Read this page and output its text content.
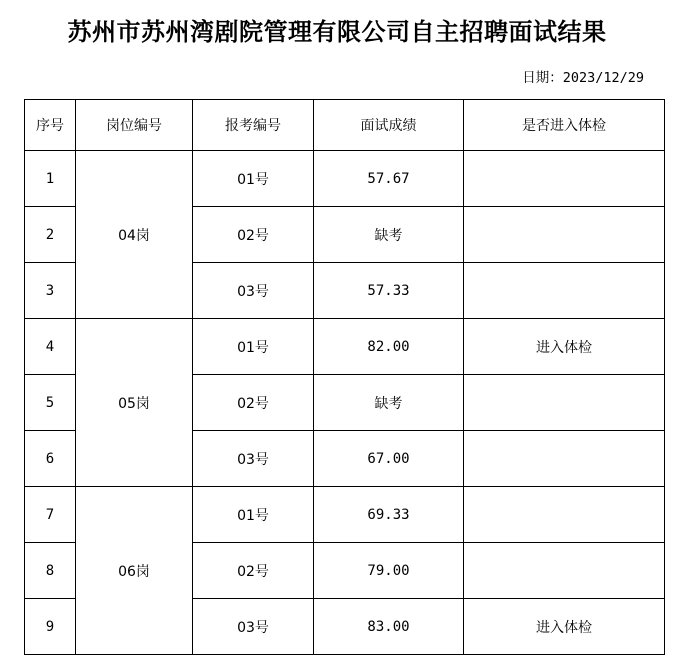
苏州市苏州湾剧院管理有限公司自主招聘面试结果
日期：2023/12/29
序号	岗位编号	报考编号	面试成绩	是否进入体检
1	04岗	01号	57.67	
2		02号	缺考	
3		03号	57.33	
4	05岗	01号	82.00	进入体检
5		02号	缺考	
6		03号	67.00	
7	06岗	01号	69.33	
8		02号	79.00	
9		03号	83.00	进入体检
